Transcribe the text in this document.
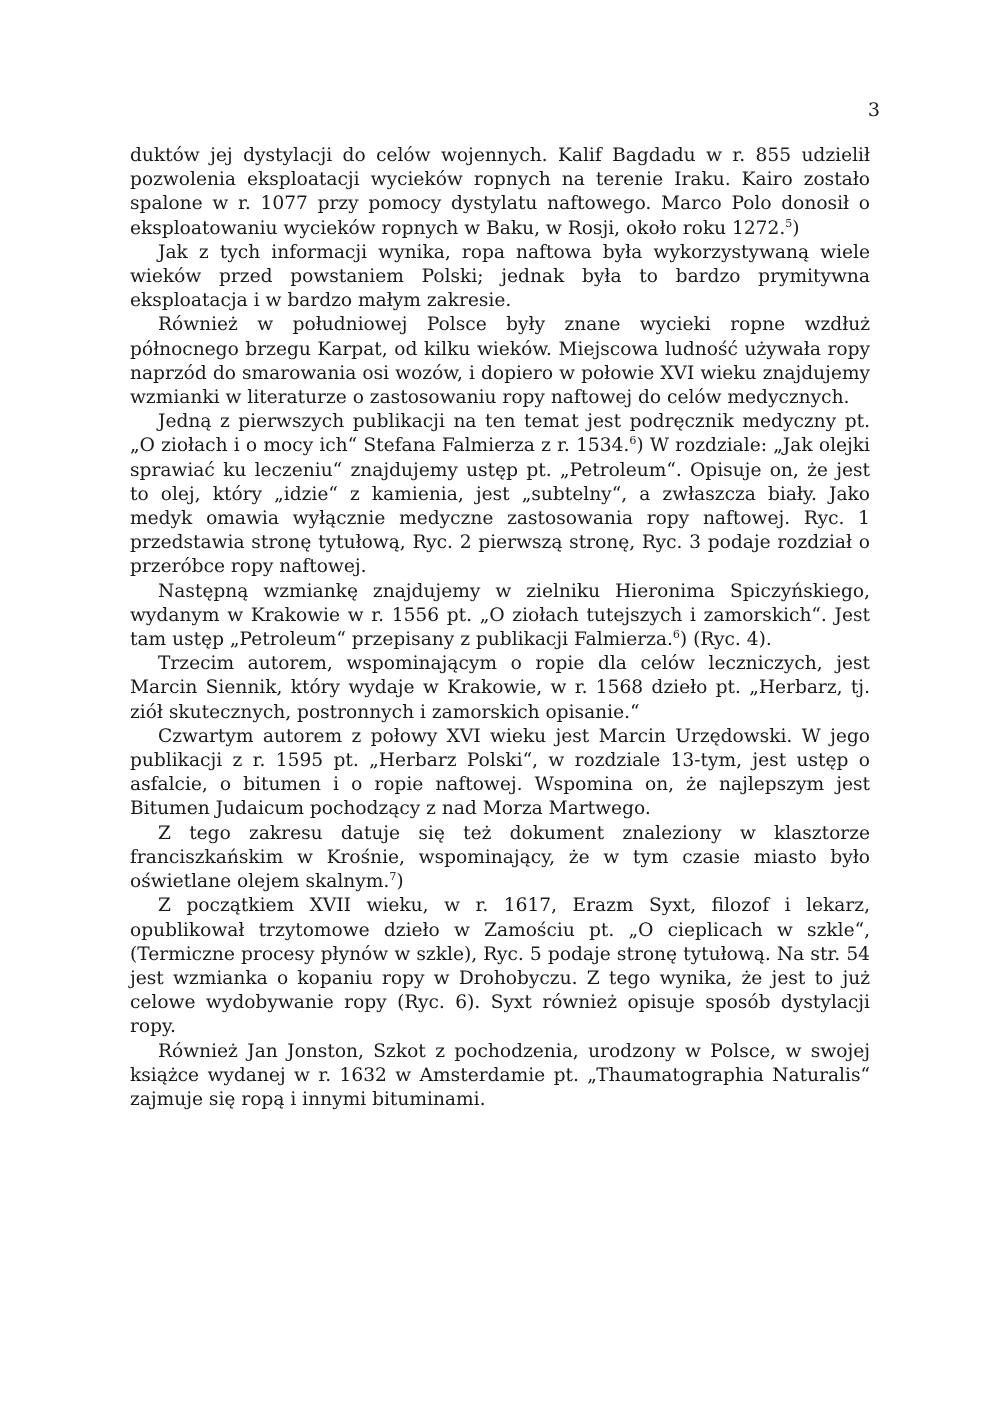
3

duktów jej dystylacji do celów wojennych. Kalif Bagdadu w r. 855 udzielił pozwolenia eksploatacji wycieków ropnych na terenie Iraku. Kairo zostało spalone w r. 1077 przy pomocy dystylatu naftowego. Marco Polo donosił o eksploatowaniu wycieków ropnych w Baku, w Rosji, około roku 1272.$^5$)

Jak z tych informacji wynika, ropa naftowa była wykorzystywaną wiele wieków przed powstaniem Polski; jednak była to bardzo prymitywna eksploatacja i w bardzo małym zakresie.

Również w południowej Polsce były znane wycieki ropne wzdłuż północnego brzegu Karpat, od kilku wieków. Miejscowa ludność używała ropy naprzód do smarowania osi wozów, i dopiero w połowie XVI wieku znajdujemy wzmianki w literaturze o zastosowaniu ropy naftowej do celów medycznych.

Jedną z pierwszych publikacji na ten temat jest podręcznik medyczny pt. „O ziołach i o mocy ich“ Stefana Falmierza z r. 1534.$^6$) W rozdziale: „Jak olejki sprawiać ku leczeniu“ znajdujemy ustęp pt. „Petroleum“. Opisuje on, że jest to olej, który „idzie“ z kamienia, jest „subtelny“, a zwłaszcza biały. Jako medyk omawia wyłącznie medyczne zastosowania ropy naftowej. Ryc. 1 przedstawia stronę tytułową, Ryc. 2 pierwszą stronę, Ryc. 3 podaje rozdział o przeróbce ropy naftowej.

Następną wzmiankę znajdujemy w zielniku Hieronima Spiczyńskiego, wydanym w Krakowie w r. 1556 pt. „O ziołach tutejszych i zamorskich“. Jest tam ustęp „Petroleum“ przepisany z publikacji Falmierza.$^6$) (Ryc. 4).

Trzecim autorem, wspominającym o ropie dla celów leczniczych, jest Marcin Siennik, który wydaje w Krakowie, w r. 1568 dzieło pt. „Herbarz, tj. ziół skutecznych, postronnych i zamorskich opisanie.“

Czwartym autorem z połowy XVI wieku jest Marcin Urzędowski. W jego publikacji z r. 1595 pt. „Herbarz Polski“, w rozdziale 13-tym, jest ustęp o asfalcie, o bitumen i o ropie naftowej. Wspomina on, że najlepszym jest Bitumen Judaicum pochodzący z nad Morza Martwego.

Z tego zakresu datuje się też dokument znaleziony w klasztorze franciszkańskim w Krośnie, wspominający, że w tym czasie miasto było oświetlane olejem skalnym.$^7$)

Z początkiem XVII wieku, w r. 1617, Erazm Syxt, filozof i lekarz, opublikował trzytomowe dzieło w Zamościu pt. „O cieplicach w szkle“, (Termiczne procesy płynów w szkle), Ryc. 5 podaje stronę tytułową. Na str. 54 jest wzmianka o kopaniu ropy w Drohobyczu. Z tego wynika, że jest to już celowe wydobywanie ropy (Ryc. 6). Syxt również opisuje sposób dystylacji ropy.

Również Jan Jonston, Szkot z pochodzenia, urodzony w Polsce, w swojej książce wydanej w r. 1632 w Amsterdamie pt. „Thaumatographia Naturalis“ zajmuje się ropą i innymi bituminami.
